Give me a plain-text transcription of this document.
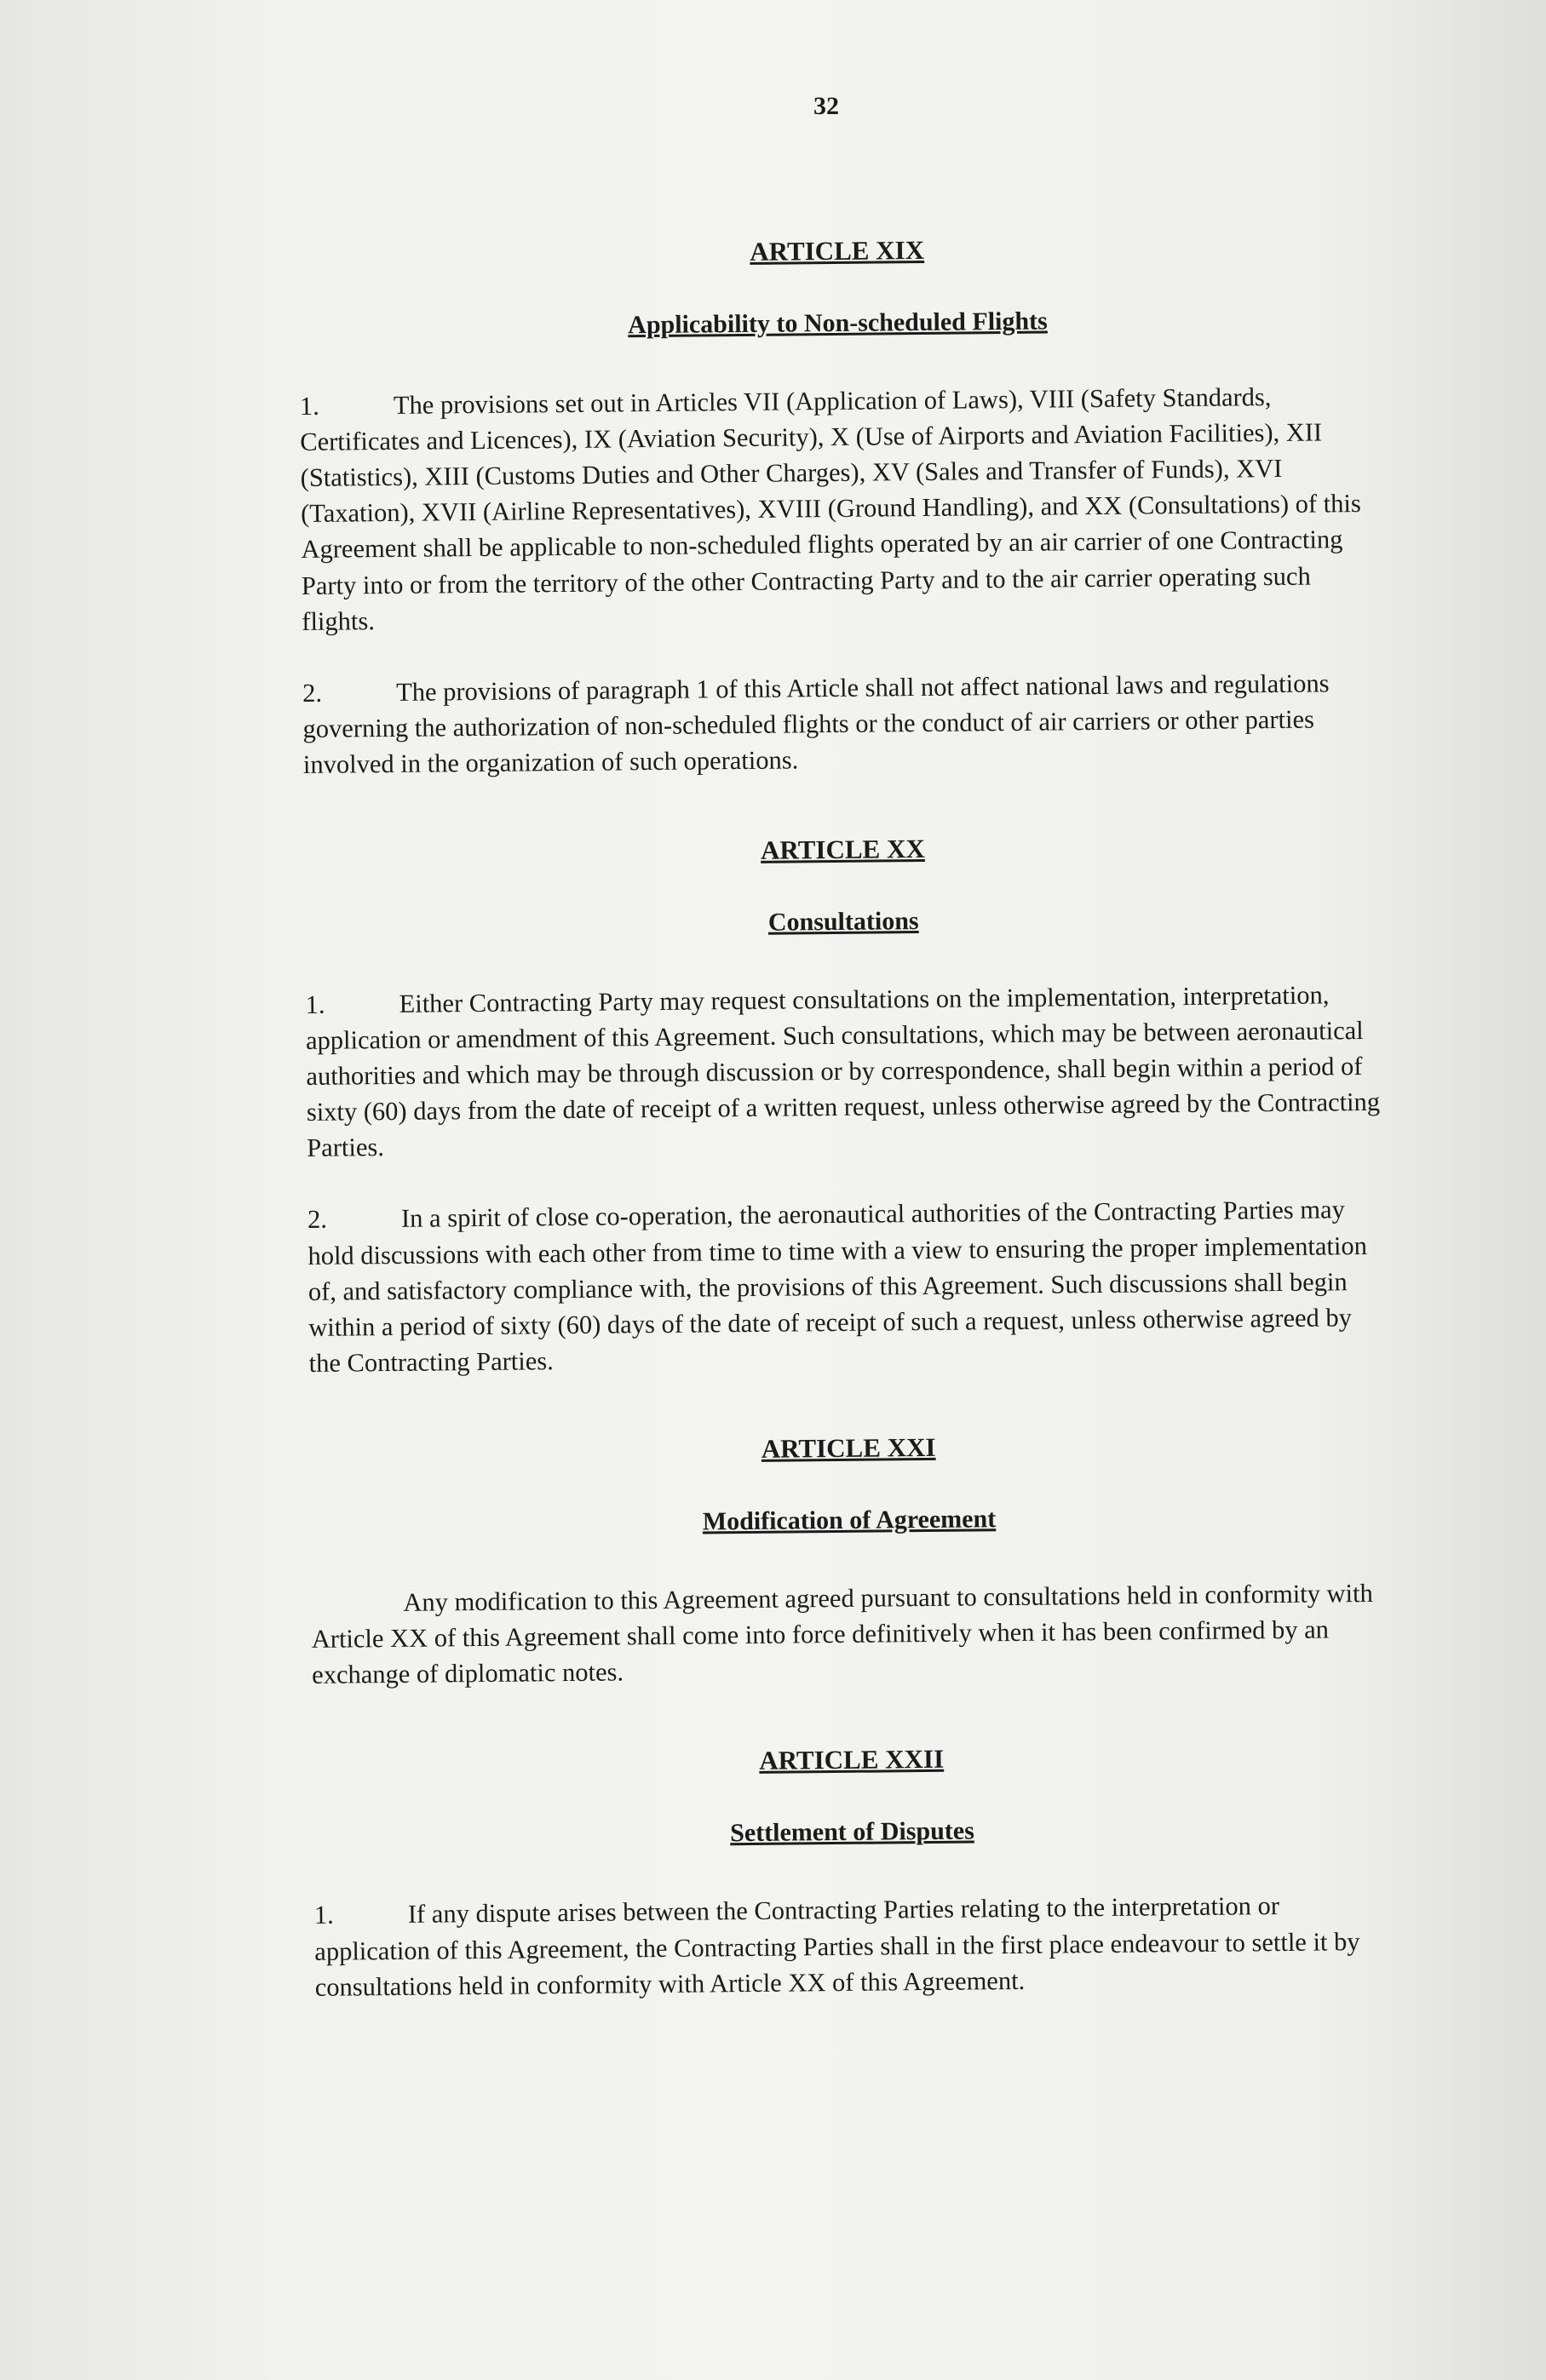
32
ARTICLE XIX
Applicability to Non-scheduled Flights

1.	The provisions set out in Articles VII (Application of Laws), VIII (Safety Standards, Certificates and Licences), IX (Aviation Security), X (Use of Airports and Aviation Facilities), XII (Statistics), XIII (Customs Duties and Other Charges), XV (Sales and Transfer of Funds), XVI (Taxation), XVII (Airline Representatives), XVIII (Ground Handling), and XX (Consultations) of this Agreement shall be applicable to non-scheduled flights operated by an air carrier of one Contracting Party into or from the territory of the other Contracting Party and to the air carrier operating such flights.

2.	The provisions of paragraph 1 of this Article shall not affect national laws and regulations governing the authorization of non-scheduled flights or the conduct of air carriers or other parties involved in the organization of such operations.

ARTICLE XX
Consultations

1.	Either Contracting Party may request consultations on the implementation, interpretation, application or amendment of this Agreement. Such consultations, which may be between aeronautical authorities and which may be through discussion or by correspondence, shall begin within a period of sixty (60) days from the date of receipt of a written request, unless otherwise agreed by the Contracting Parties.

2.	In a spirit of close co-operation, the aeronautical authorities of the Contracting Parties may hold discussions with each other from time to time with a view to ensuring the proper implementation of, and satisfactory compliance with, the provisions of this Agreement. Such discussions shall begin within a period of sixty (60) days of the date of receipt of such a request, unless otherwise agreed by the Contracting Parties.

ARTICLE XXI
Modification of Agreement

Any modification to this Agreement agreed pursuant to consultations held in conformity with Article XX of this Agreement shall come into force definitively when it has been confirmed by an exchange of diplomatic notes.

ARTICLE XXII
Settlement of Disputes

1.	If any dispute arises between the Contracting Parties relating to the interpretation or application of this Agreement, the Contracting Parties shall in the first place endeavour to settle it by consultations held in conformity with Article XX of this Agreement.
